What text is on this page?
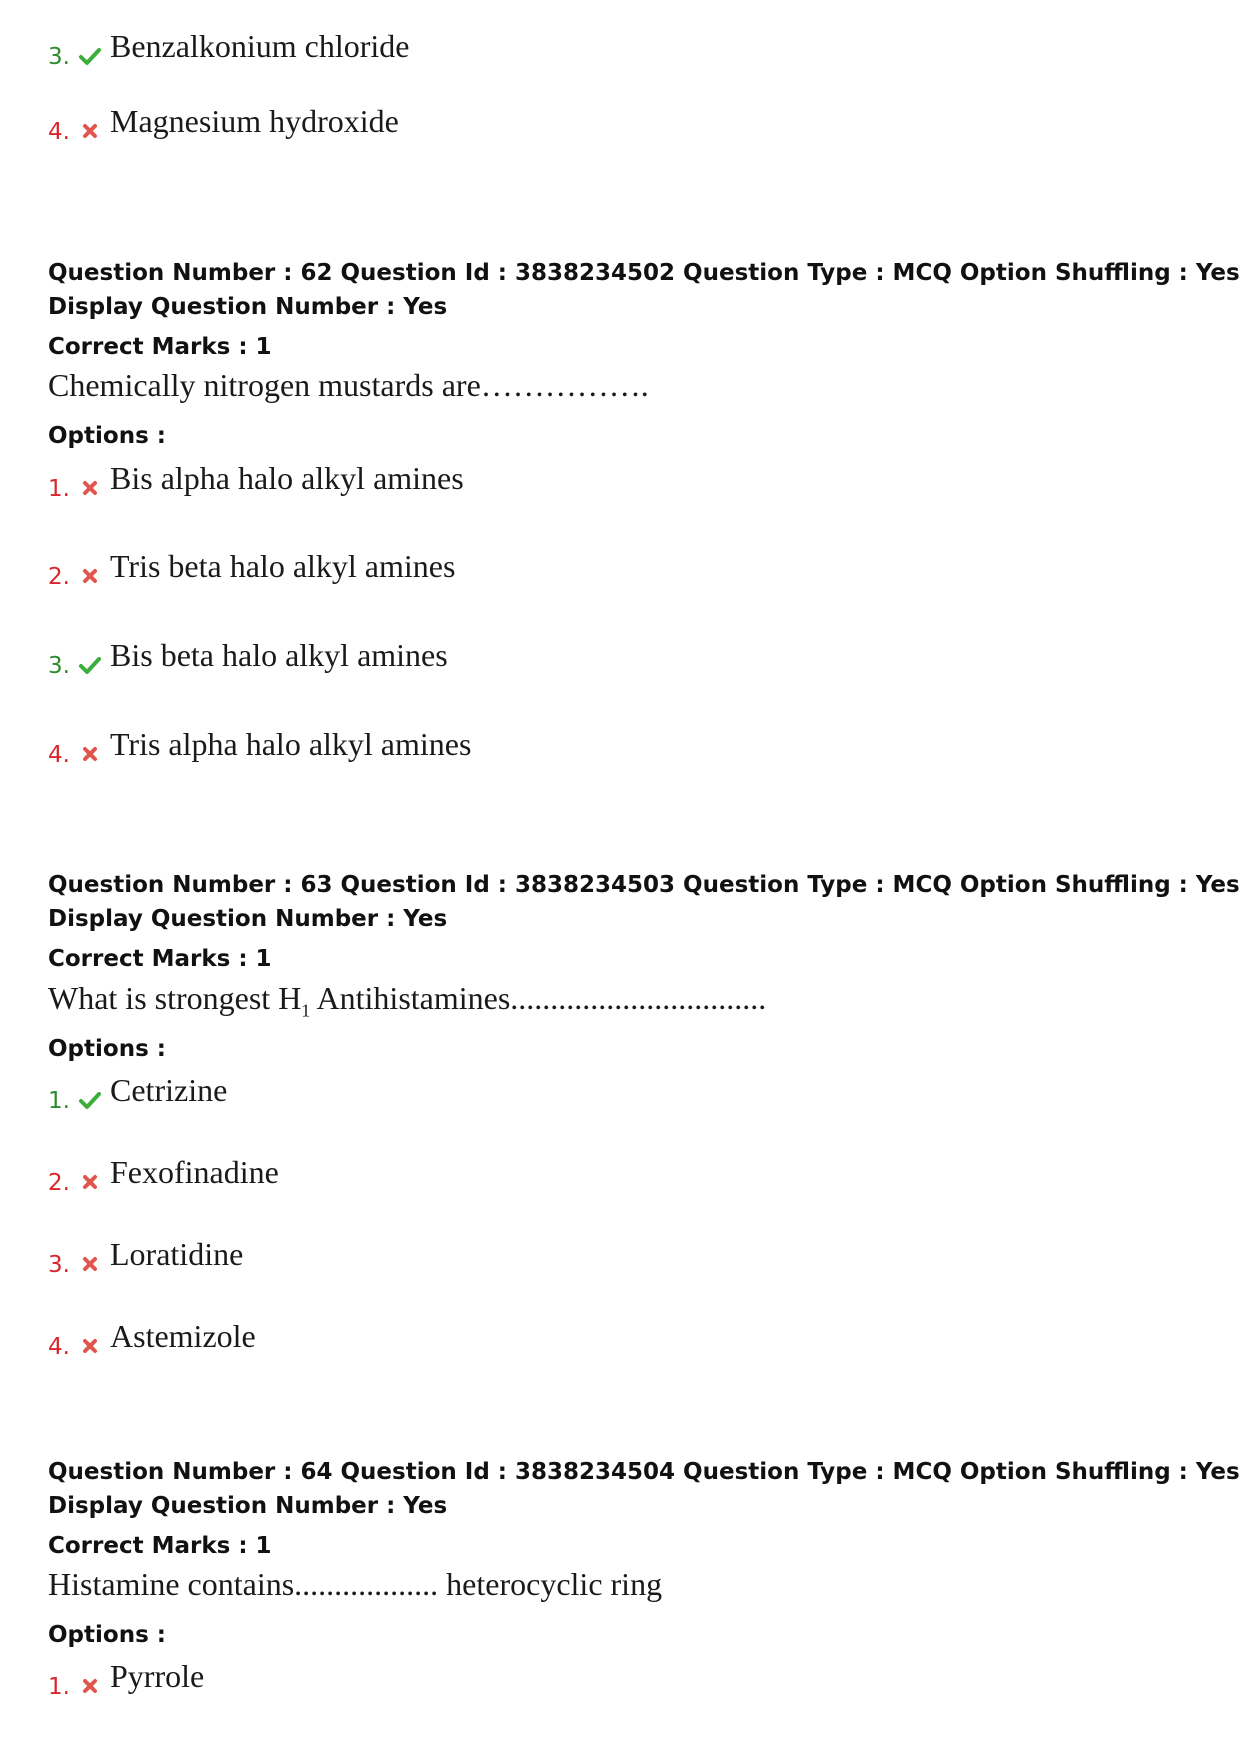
3. Benzalkonium chloride
4. Magnesium hydroxide
Question Number : 62 Question Id : 3838234502 Question Type : MCQ Option Shuffling : Yes
Display Question Number : Yes
Correct Marks : 1
Chemically nitrogen mustards are…………….
Options :
1. Bis alpha halo alkyl amines
2. Tris beta halo alkyl amines
3. Bis beta halo alkyl amines
4. Tris alpha halo alkyl amines
Question Number : 63 Question Id : 3838234503 Question Type : MCQ Option Shuffling : Yes
Display Question Number : Yes
Correct Marks : 1
What is strongest $H_1$ Antihistamines................................
Options :
1. Cetrizine
2. Fexofinadine
3. Loratidine
4. Astemizole
Question Number : 64 Question Id : 3838234504 Question Type : MCQ Option Shuffling : Yes
Display Question Number : Yes
Correct Marks : 1
Histamine contains.................. heterocyclic ring
Options :
1. Pyrrole
